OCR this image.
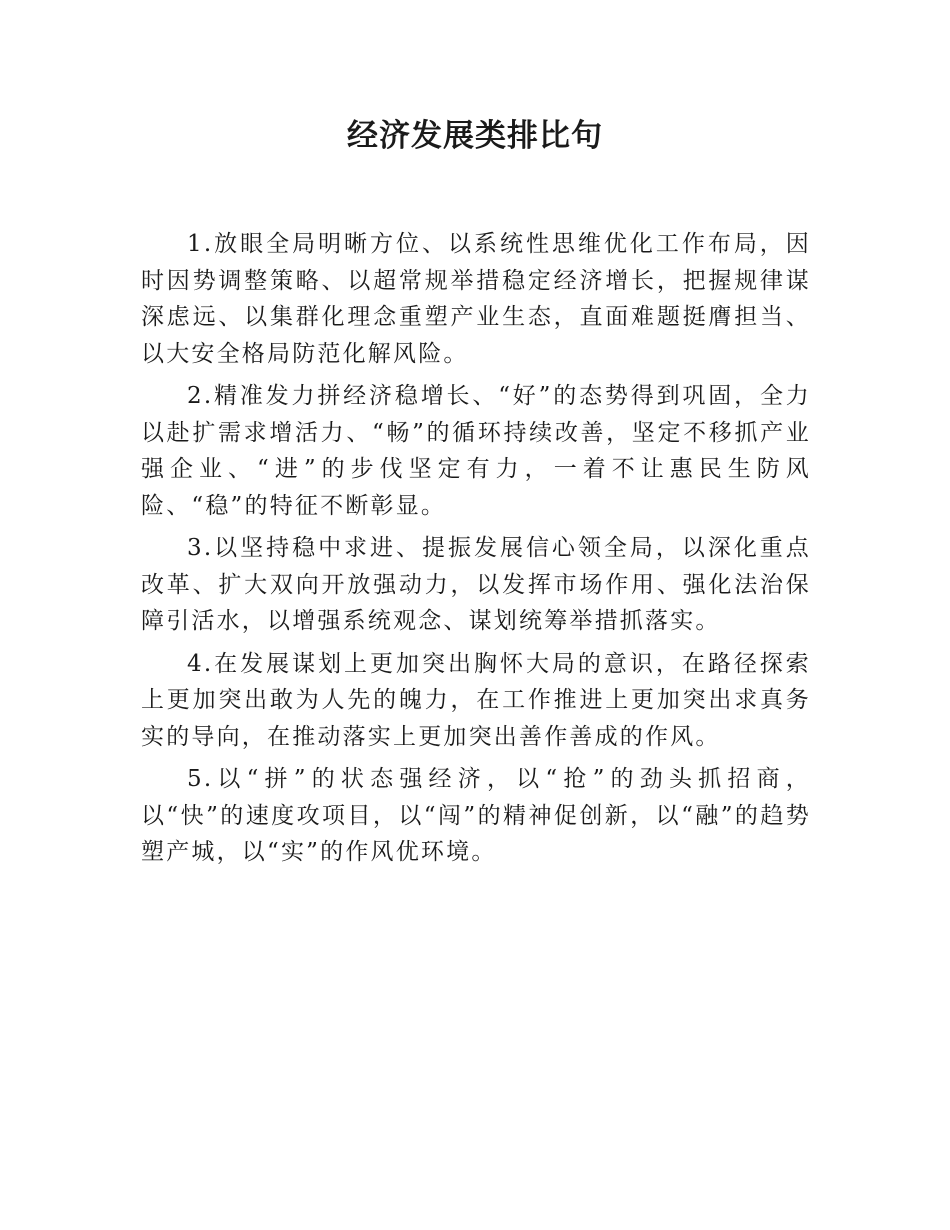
经济发展类排比句

1.放眼全局明晰方位、以系统性思维优化工作布局，因时因势调整策略、以超常规举措稳定经济增长，把握规律谋深虑远、以集群化理念重塑产业生态，直面难题挺膺担当、以大安全格局防范化解风险。

2.精准发力拼经济稳增长、“好”的态势得到巩固，全力以赴扩需求增活力、“畅”的循环持续改善，坚定不移抓产业强企业、“进”的步伐坚定有力，一着不让惠民生防风险、“稳”的特征不断彰显。

3.以坚持稳中求进、提振发展信心领全局，以深化重点改革、扩大双向开放强动力，以发挥市场作用、强化法治保障引活水，以增强系统观念、谋划统筹举措抓落实。

4.在发展谋划上更加突出胸怀大局的意识，在路径探索上更加突出敢为人先的魄力，在工作推进上更加突出求真务实的导向，在推动落实上更加突出善作善成的作风。

5.以“拼”的状态强经济，以“抢”的劲头抓招商，以“快”的速度攻项目，以“闯”的精神促创新，以“融”的趋势塑产城，以“实”的作风优环境。
